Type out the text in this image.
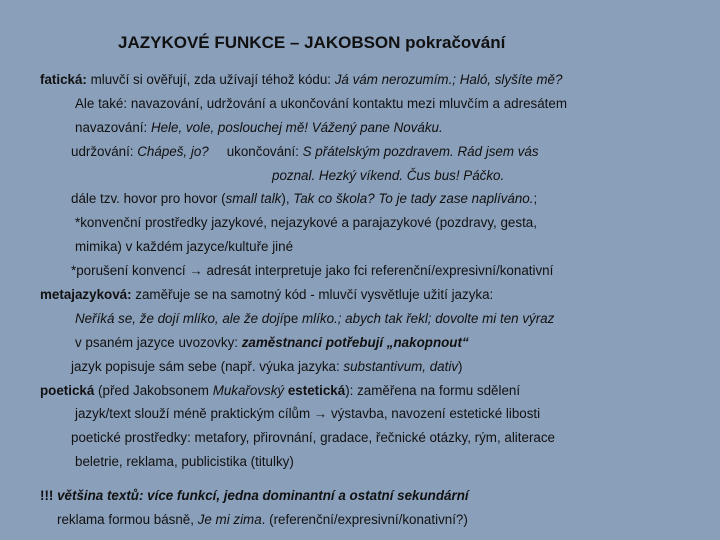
JAZYKOVÉ FUNKCE – JAKOBSON pokračování
fatická: mluvčí si ověřují, zda užívají téhož kódu: Já vám nerozumím.; Haló, slyšíte mě?
Ale také: navazování, udržování a ukončování kontaktu mezi mluvčím a adresátem
navazování: Hele, vole, poslouchej mě! Vážený pane Nováku.
udržování: Chápeš, jo? ukončování: S přátelským pozdravem. Rád jsem vás
poznal. Hezký víkend. Čus bus! Páčko.
dále tzv. hovor pro hovor (small talk), Tak co škola? To je tady zase naplíváno.;
*konvenční prostředky jazykové, nejazykové a parajazykové (pozdravy, gesta,
mimika) v každém jazyce/kultuře jiné
*porušení konvencí → adresát interpretuje jako fci referenční/expresivní/konativní
metajazyková: zaměřuje se na samotný kód - mluvčí vysvětluje užití jazyka:
Neříká se, že dojí mlíko, ale že dojípe mlíko.; abych tak řekl; dovolte mi ten výraz
v psaném jazyce uvozovky: zaměstnanci potřebují „nakopnout“
jazyk popisuje sám sebe (např. výuka jazyka: substantivum, dativ)
poetická (před Jakobsonem Mukařovský estetická): zaměřena na formu sdělení
jazyk/text slouží méně praktickým cílům → výstavba, navození estetické libosti
poetické prostředky: metafory, přirovnání, gradace, řečnické otázky, rým, aliterace
beletrie, reklama, publicistika (titulky)
!!! většina textů: více funkcí, jedna dominantní a ostatní sekundární
reklama formou básně, Je mi zima. (referenční/expresivní/konativní?)
